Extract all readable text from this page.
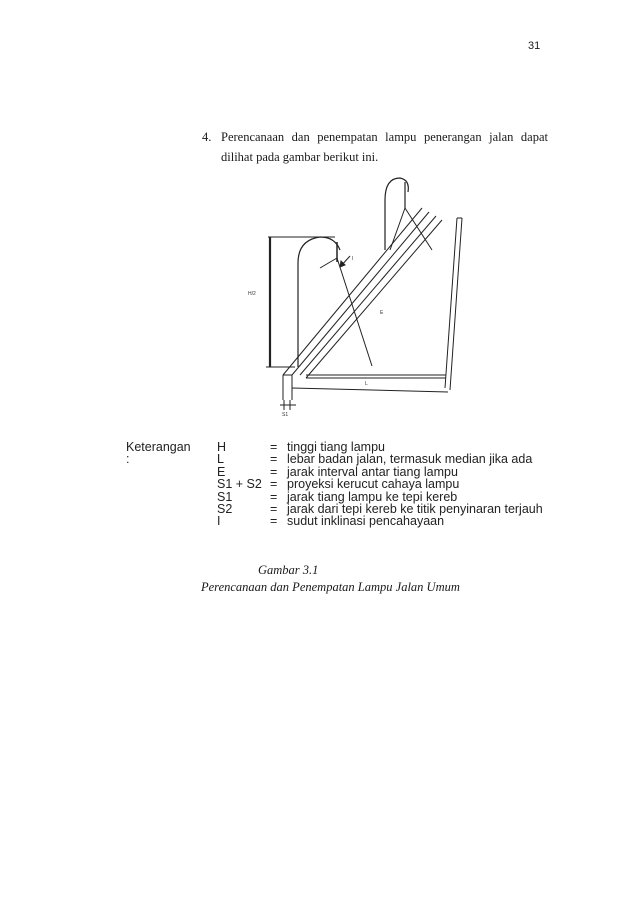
31
4. Perencanaan dan penempatan lampu penerangan jalan dapat
dilihat pada gambar berikut ini.
H/2
I
E
L
S1
Keterangan :
H	= tinggi tiang lampu
L	= lebar badan jalan, termasuk median jika ada
E	= jarak interval antar tiang lampu
S1 + S2 = proyeksi kerucut cahaya lampu
S1	= jarak tiang lampu ke tepi kereb
S2	= jarak dari tepi kereb ke titik penyinaran terjauh
I	= sudut inklinasi pencahayaan
Gambar 3.1
Perencanaan dan Penempatan Lampu Jalan Umum
